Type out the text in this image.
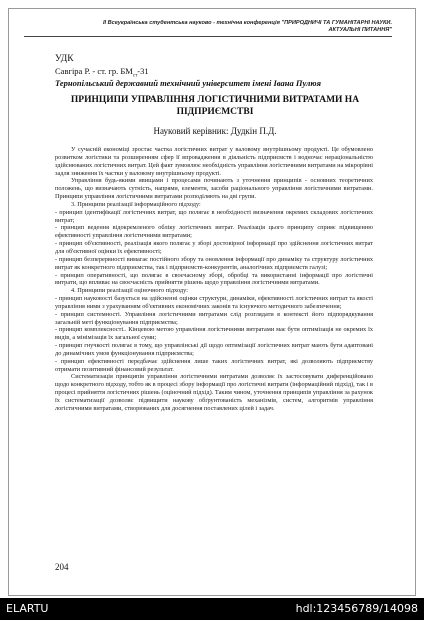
ІІ Всеукраїнська студентська науково - технічна конференція "ПРИРОДНИЧІ ТА ГУМАНІТАРНІ НАУКИ.
АКТУАЛЬНІ ПИТАННЯ"
УДК
Савгіра Р. - ст. гр. $БМ_{ст}-31$
Тернопільський державний технічний університет імені Івана Пулюя
ПРИНЦИПИ УПРАВЛІННЯ ЛОГІСТИЧНИМИ ВИТРАТАМИ НА
ПІДПРИЄМСТВІ
Науковий керівник: Дудкін П.Д.

У сучасній економіці зростає частка логістичних витрат у валовому внутрішньому продукті. Це обумовлено розвитком логістики та розширенням сфер її впровадження в діяльність підприємств і водночас нераціональністю здійснюваних логістичних витрат. Цей факт зумовлює необхідність управління логістичними витратами на мікрорівні задля зниження їх частки у валовому внутрішньому продукті.

Управління будь-якими явищами і процесами починають з уточнення принципів - основних теоретичних положень, що визначають сутність, напрями, елементи, засоби раціонального управління логістичними витратами. Принципи управління логістичними витратами розподіляють на дві групи.

3. Принципи реалізації інформаційного підходу:

- принцип ідентифікації логістичних витрат, що полягає в необхідності визначення окремих складових логістичних витрат;

- принцип ведення відокремленого обліку логістичних витрат. Реалізація цього принципу сприяє підвищенню ефективності управління логістичними витратами;

- принцип об'єктивності, реалізація якого полягає у зборі достовірної інформації про здійснення логістичних витрат для об'єктивної оцінки їх ефективності;

- принцип безперервності вимагає постійного збору та оновлення інформації про динаміку та структуру логістичних витрат як конкретного підприємства, так і підприємств-конкурентів, аналогічних підприємств галузі;

- принцип оперативності, що полягає в своєчасному зборі, обробці та використанні інформації про логістичні витрати, що впливає на своєчасність прийняття рішень щодо управління логістичними витратами.

4. Принципи реалізації оціночного підходу:

- принцип науковості базується на здійсненні оцінки структури, динаміки, ефективності логістичних витрат та якості управління ними з урахуванням об'єктивних економічних законів та існуючого методичного забезпечення;

- принцип системності. Управління логістичними витратами слід розглядати в контексті його підпорядкування загальній меті функціонування підприємства;

- принцип комплексності.. Кінцевою метою управління логістичними витратами має бути оптимізація не окремих їх видів, а мінімізація їх загальної суми;

- принцип гнучкості полягає в тому, що управлінські дії щодо оптимізації логістичних витрат мають бути адаптовані до динамічних умов функціонування підприємства;

- принцип ефективності передбачає здійснення лише таких логістичних витрат, які дозволяють підприємству отримати позитивний фінансовий результат.

Систематизація принципів управління логістичними витратами дозволяє їх застосовувати диференційовано щодо конкретного підходу, тобто як в процесі збору інформації про логістичні витрати (інформаційний підхід), так і в процесі прийняття логістичних рішень (оціночний підхід). Таким чином, уточнення принципів управління за рахунок їх систематизації дозволяє підвищити наукову обґрунтованість механізмів, систем, алгоритмів управління логістичними витратами, створюваних для досягнення поставлених цілей і задач.

204
ELARTU	hdl:123456789/14098
